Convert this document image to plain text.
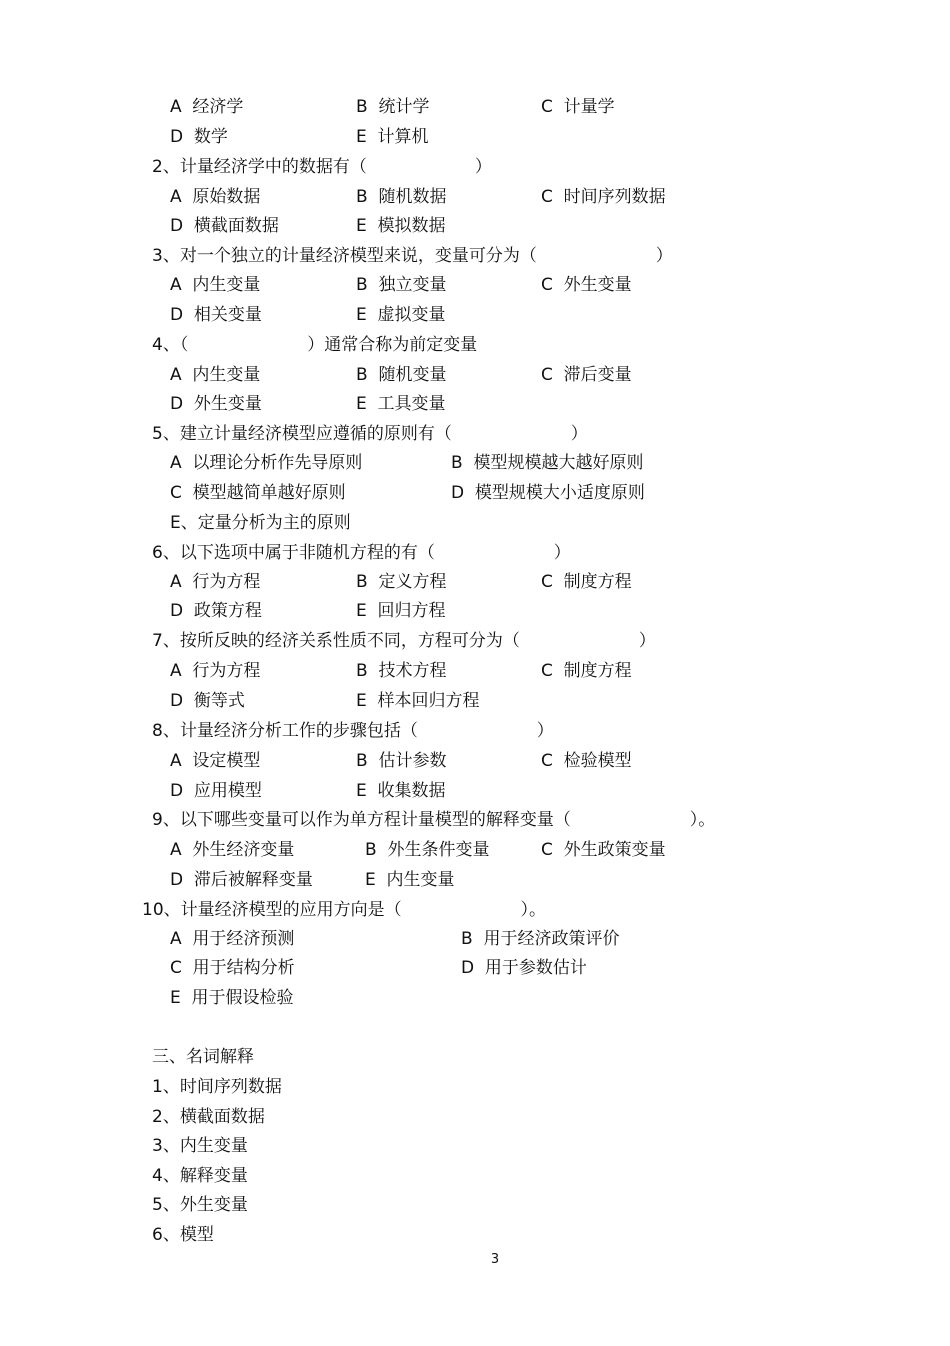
A  经济学	B  统计学	C  计量学
D  数学	E  计算机
2、计量经济学中的数据有（                    ）
A  原始数据	B  随机数据	C  时间序列数据
D  横截面数据	E  模拟数据
3、对一个独立的计量经济模型来说，变量可分为（                      ）
A  内生变量	B  独立变量	C  外生变量
D  相关变量	E  虚拟变量
4、（                      ）通常合称为前定变量
A  内生变量	B  随机变量	C  滞后变量
D  外生变量	E  工具变量
5、建立计量经济模型应遵循的原则有（                      ）
A  以理论分析作先导原则	B  模型规模越大越好原则
C  模型越简单越好原则	D  模型规模大小适度原则
E、定量分析为主的原则
6、以下选项中属于非随机方程的有（                      ）
A  行为方程	B  定义方程	C  制度方程
D  政策方程	E  回归方程
7、按所反映的经济关系性质不同，方程可分为（                      ）
A  行为方程	B  技术方程	C  制度方程
D  衡等式	E  样本回归方程
8、计量经济分析工作的步骤包括（                      ）
A  设定模型	B  估计参数	C  检验模型
D  应用模型	E  收集数据
9、以下哪些变量可以作为单方程计量模型的解释变量（                      ）。
A  外生经济变量	B  外生条件变量	C  外生政策变量
D  滞后被解释变量	E  内生变量
10、计量经济模型的应用方向是（                      ）。
A  用于经济预测	B  用于经济政策评价
C  用于结构分析	D  用于参数估计
E  用于假设检验
三、名词解释
1、时间序列数据
2、横截面数据
3、内生变量
4、解释变量
5、外生变量
6、模型
3
